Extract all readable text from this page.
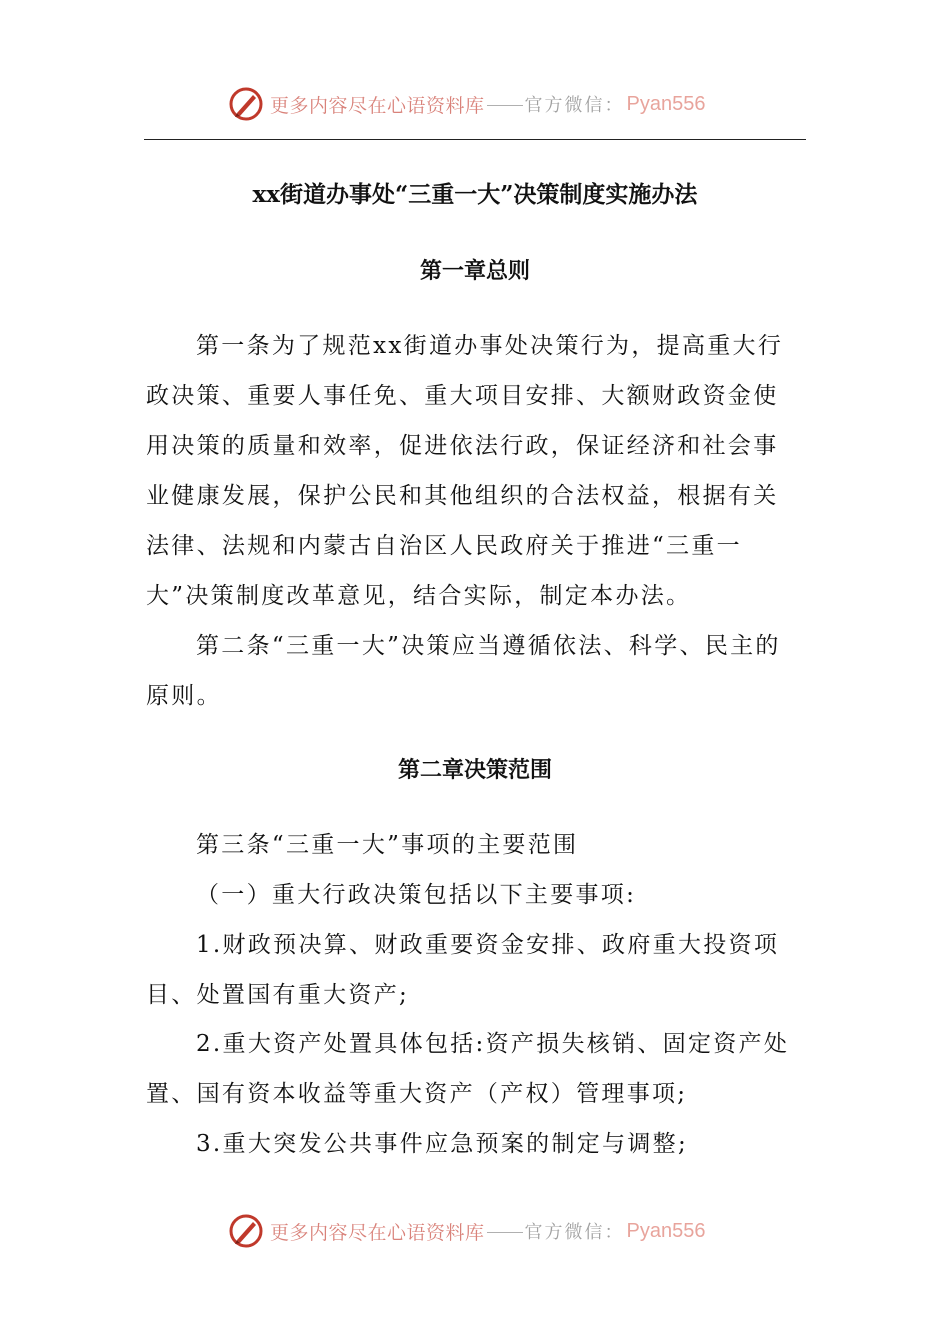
更多内容尽在心语资料库 官方微信： Pyan556
xx街道办事处“三重一大”决策制度实施办法
第一章总则

第一条为了规范xx街道办事处决策行为，提高重大行政决策、重要人事任免、重大项目安排、大额财政资金使用决策的质量和效率，促进依法行政，保证经济和社会事业健康发展，保护公民和其他组织的合法权益，根据有关法律、法规和内蒙古自治区人民政府关于推进“三重一大”决策制度改革意见，结合实际，制定本办法。

第二条“三重一大”决策应当遵循依法、科学、民主的原则。

第二章决策范围

第三条“三重一大”事项的主要范围

（一）重大行政决策包括以下主要事项:

1.财政预决算、财政重要资金安排、政府重大投资项目、处置国有重大资产;

2.重大资产处置具体包括:资产损失核销、固定资产处置、国有资本收益等重大资产（产权）管理事项;

3.重大突发公共事件应急预案的制定与调整;

更多内容尽在心语资料库 官方微信： Pyan556
